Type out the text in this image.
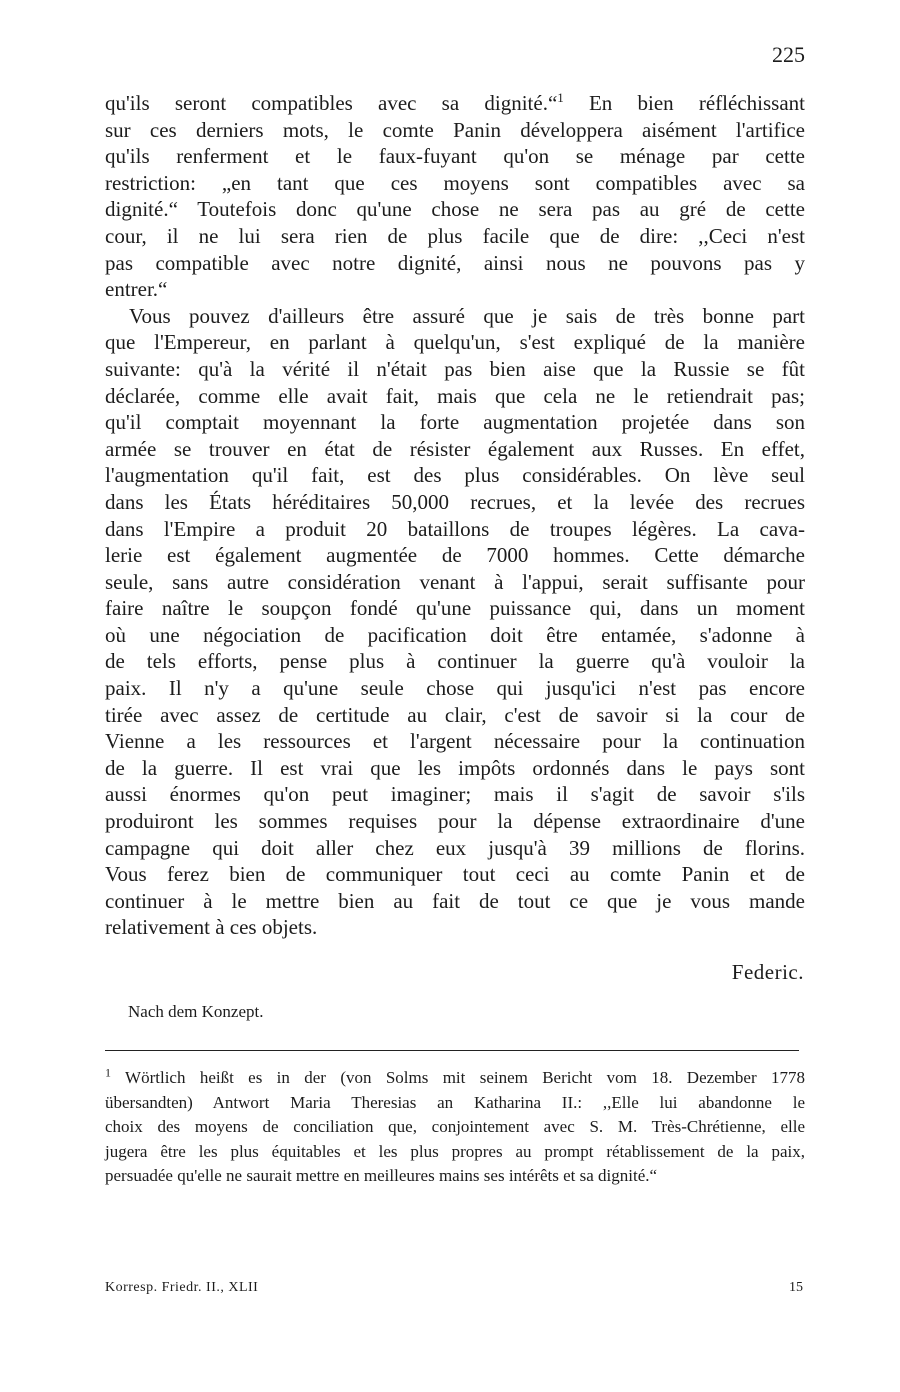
225
qu'ils seront compatibles avec sa dignité.“$^1$ En bien réfléchissant
sur ces derniers mots, le comte Panin développera aisément l'artifice
qu'ils renferment et le faux-fuyant qu'on se ménage par cette
restriction: „en tant que ces moyens sont compatibles avec sa
dignité.“ Toutefois donc qu'une chose ne sera pas au gré de cette
cour, il ne lui sera rien de plus facile que de dire: ,,Ceci n'est
pas compatible avec notre dignité, ainsi nous ne pouvons pas y
entrer.“
Vous pouvez d'ailleurs être assuré que je sais de très bonne part
que l'Empereur, en parlant à quelqu'un, s'est expliqué de la manière
suivante: qu'à la vérité il n'était pas bien aise que la Russie se fût
déclarée, comme elle avait fait, mais que cela ne le retiendrait pas;
qu'il comptait moyennant la forte augmentation projetée dans son
armée se trouver en état de résister également aux Russes. En effet,
l'augmentation qu'il fait, est des plus considérables. On lève seul
dans les États héréditaires 50,000 recrues, et la levée des recrues
dans l'Empire a produit 20 bataillons de troupes légères. La cava-
lerie est également augmentée de 7000 hommes. Cette démarche
seule, sans autre considération venant à l'appui, serait suffisante pour
faire naître le soupçon fondé qu'une puissance qui, dans un moment
où une négociation de pacification doit être entamée, s'adonne à
de tels efforts, pense plus à continuer la guerre qu'à vouloir la
paix. Il n'y a qu'une seule chose qui jusqu'ici n'est pas encore
tirée avec assez de certitude au clair, c'est de savoir si la cour de
Vienne a les ressources et l'argent nécessaire pour la continuation
de la guerre. Il est vrai que les impôts ordonnés dans le pays sont
aussi énormes qu'on peut imaginer; mais il s'agit de savoir s'ils
produiront les sommes requises pour la dépense extraordinaire d'une
campagne qui doit aller chez eux jusqu'à 39 millions de florins.
Vous ferez bien de communiquer tout ceci au comte Panin et de
continuer à le mettre bien au fait de tout ce que je vous mande
relativement à ces objets.
Federic.
Nach dem Konzept.
$^1$ Wörtlich heißt es in der (von Solms mit seinem Bericht vom 18. Dezember 1778
übersandten) Antwort Maria Theresias an Katharina II.: ,,Elle lui abandonne le
choix des moyens de conciliation que, conjointement avec S. M. Très-Chrétienne, elle
jugera être les plus équitables et les plus propres au prompt rétablissement de la paix,
persuadée qu'elle ne saurait mettre en meilleures mains ses intérêts et sa dignité.“
Korresp. Friedr. II., XLII	15
